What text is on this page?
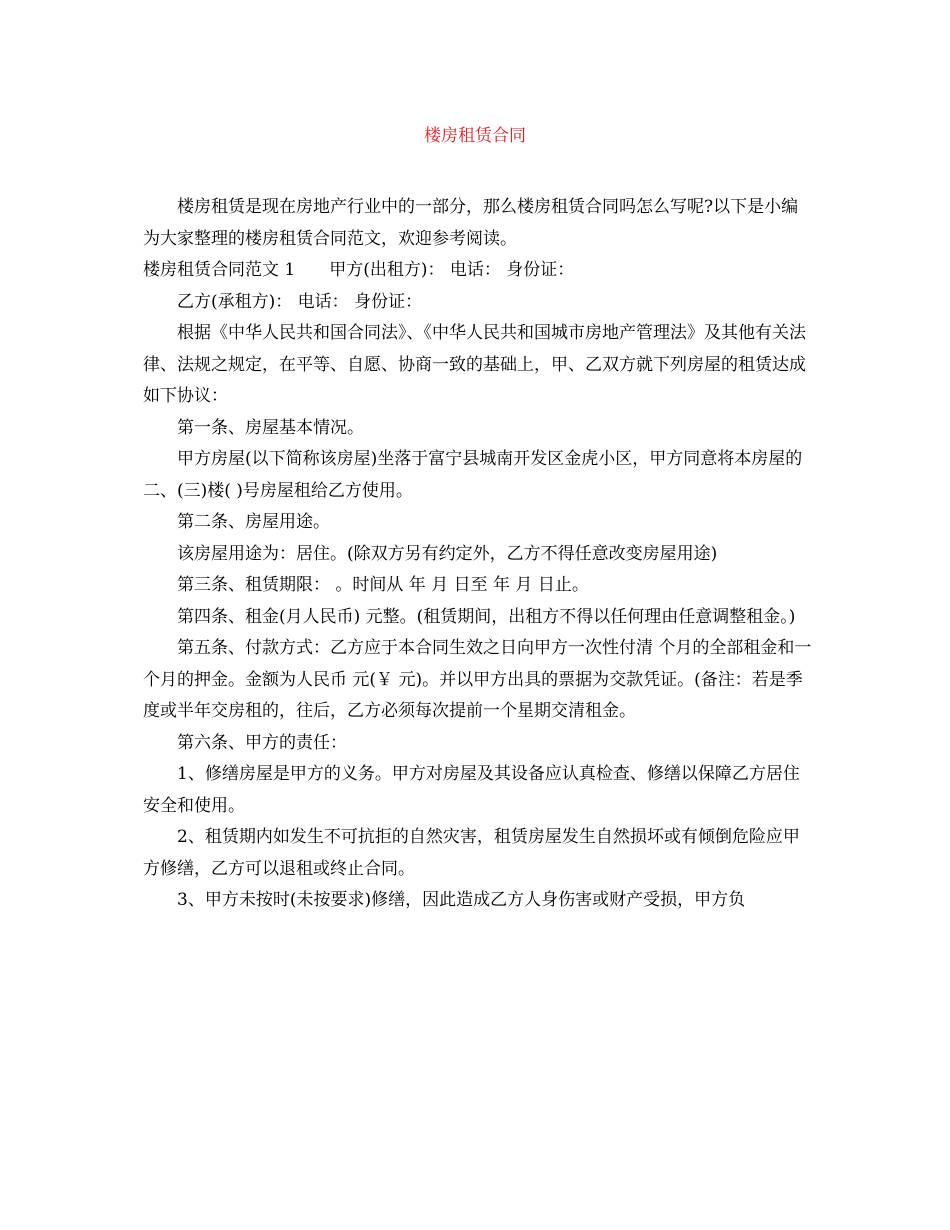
楼房租赁合同

楼房租赁是现在房地产行业中的一部分，那么楼房租赁合同吗怎么写呢?以下是小编为大家整理的楼房租赁合同范文，欢迎参考阅读。

楼房租赁合同范文 1　　甲方(出租方)： 电话： 身份证：

乙方(承租方)： 电话： 身份证：

根据《中华人民共和国合同法》、《中华人民共和国城市房地产管理法》及其他有关法律、法规之规定，在平等、自愿、协商一致的基础上，甲、乙双方就下列房屋的租赁达成如下协议：

第一条、房屋基本情况。

甲方房屋(以下简称该房屋)坐落于富宁县城南开发区金虎小区，甲方同意将本房屋的二、(三)楼( )号房屋租给乙方使用。

第二条、房屋用途。

该房屋用途为：居住。(除双方另有约定外，乙方不得任意改变房屋用途)

第三条、租赁期限： 。时间从 年 月 日至 年 月 日止。

第四条、租金(月人民币) 元整。(租赁期间，出租方不得以任何理由任意调整租金。)

第五条、付款方式：乙方应于本合同生效之日向甲方一次性付清 个月的全部租金和一个月的押金。金额为人民币 元(￥ 元)。并以甲方出具的票据为交款凭证。(备注：若是季度或半年交房租的，往后，乙方必须每次提前一个星期交清租金。

第六条、甲方的责任：

1、修缮房屋是甲方的义务。甲方对房屋及其设备应认真检查、修缮以保障乙方居住安全和使用。

2、租赁期内如发生不可抗拒的自然灾害，租赁房屋发生自然损坏或有倾倒危险应甲方修缮，乙方可以退租或终止合同。

3、甲方未按时(未按要求)修缮，因此造成乙方人身伤害或财产受损，甲方负
